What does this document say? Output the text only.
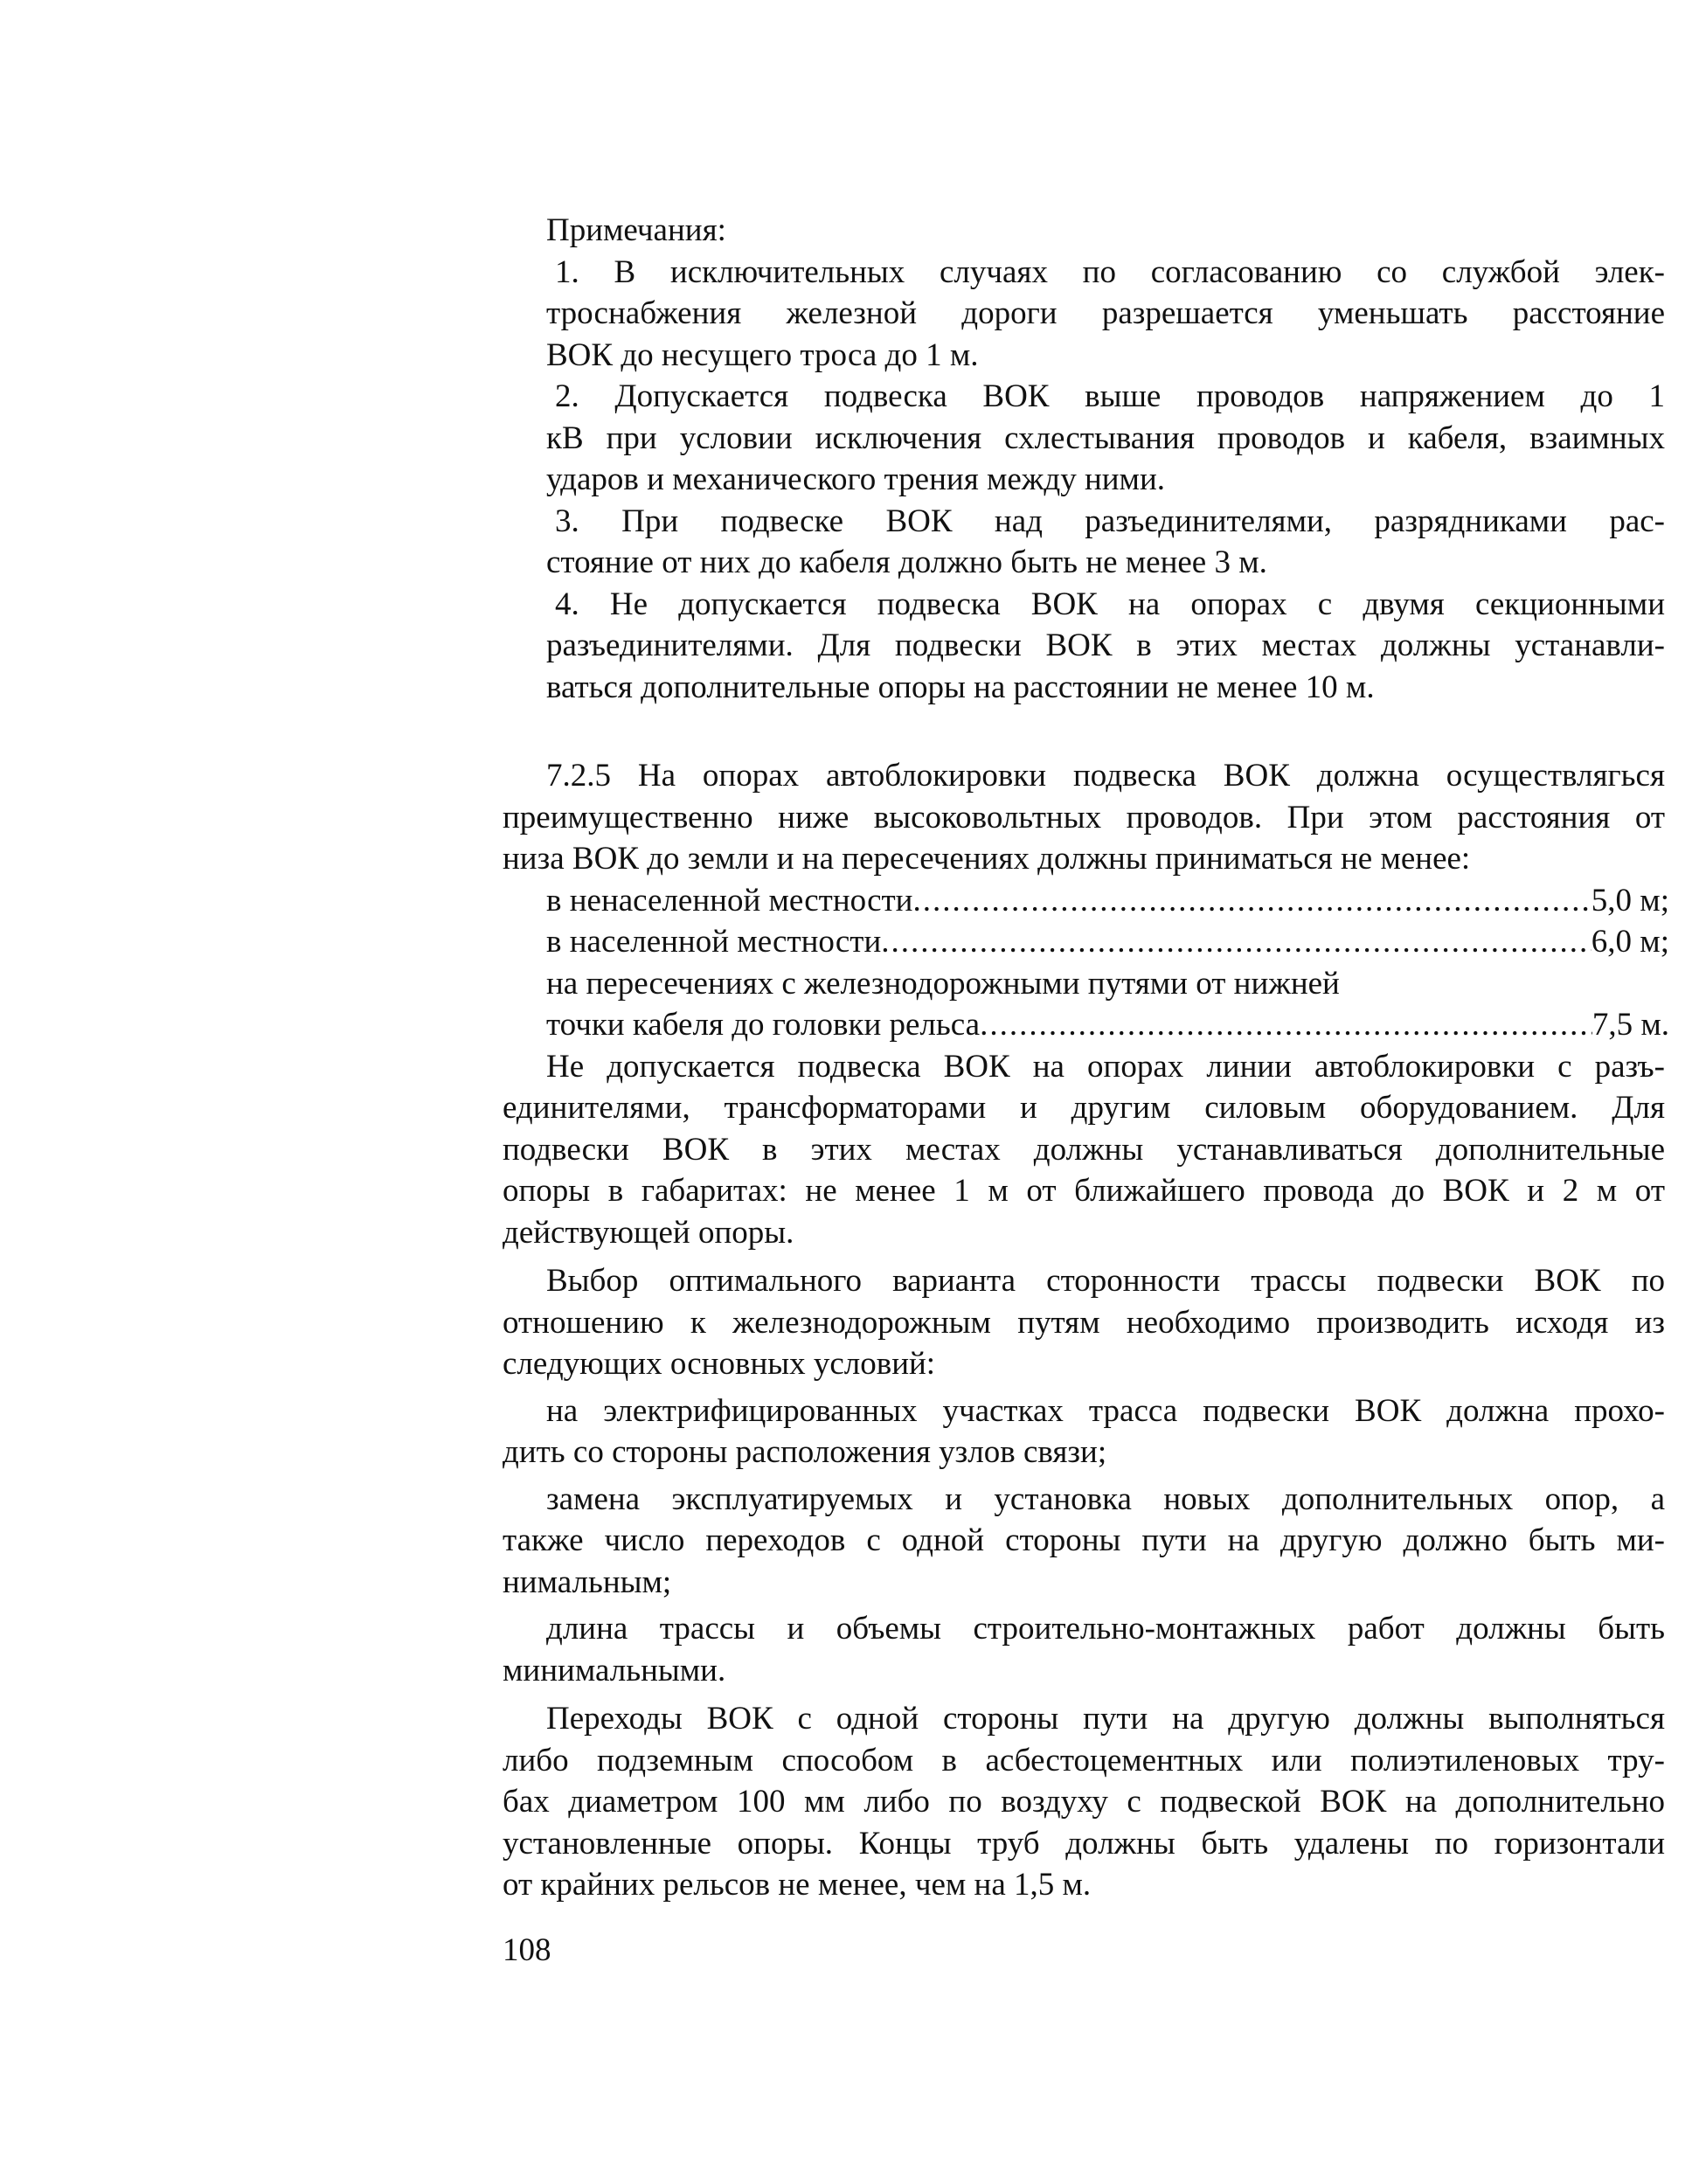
Примечания:
1. В исключительных случаях по согласованию со службой элек-
троснабжения железной дороги разрешается уменьшать расстояние
ВОК до несущего троса до 1 м.
2. Допускается подвеска ВОК выше проводов напряжением до 1
кВ при условии исключения схлестывания проводов и кабеля, взаимных
ударов и механического трения между ними.
3. При подвеске ВОК над разъединителями, разрядниками рас-
стояние от них до кабеля должно быть не менее 3 м.
4. Не допускается подвеска ВОК на опорах с двумя секционными
разъединителями. Для подвески ВОК в этих местах должны устанавли-
ваться дополнительные опоры на расстоянии не менее 10 м.
7.2.5 На опорах автоблокировки подвеска ВОК должна осуществлягься
преимущественно ниже высоковольтных проводов. При этом расстояния от
низа ВОК до земли и на пересечениях должны приниматься не менее:
в ненаселенной местности .....	5,0 м;
в населенной местности .....	6,0 м;
на пересечениях с железнодорожными путями от нижней
точки кабеля до головки рельса .....	7,5 м.
Не допускается подвеска ВОК на опорах линии автоблокировки с разъ-
единителями, трансформаторами и другим силовым оборудованием. Для
подвески ВОК в этих местах должны устанавливаться дополнительные
опоры в габаритах: не менее 1 м от ближайшего провода до ВОК и 2 м от
действующей опоры.
Выбор оптимального варианта сторонности трассы подвески ВОК по
отношению к железнодорожным путям необходимо производить исходя из
следующих основных условий:
на электрифицированных участках трасса подвески ВОК должна прохо-
дить со стороны расположения узлов связи;
замена эксплуатируемых и установка новых дополнительных опор, а
также число переходов с одной стороны пути на другую должно быть ми-
нимальным;
длина трассы и объемы строительно-монтажных работ должны быть
минимальными.
Переходы ВОК с одной стороны пути на другую должны выполняться
либо подземным способом в асбестоцементных или полиэтиленовых тру-
бах диаметром 100 мм либо по воздуху с подвеской ВОК на дополнительно
установленные опоры. Концы труб должны быть удалены по горизонтали
от крайних рельсов не менее, чем на 1,5 м.
108
